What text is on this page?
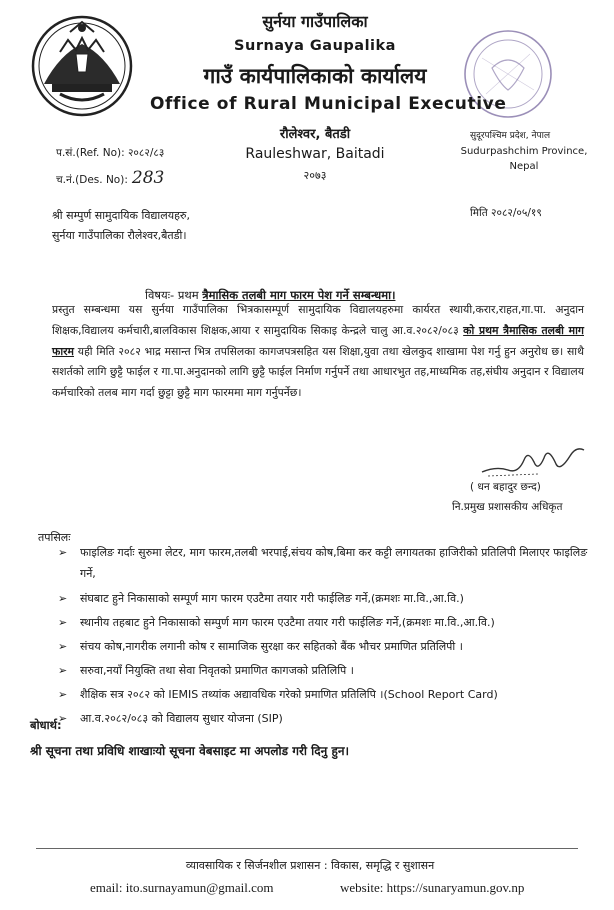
सुर्नया गाउँपालिका
Surnaya Gaupalika
गाउँ कार्यपालिकाको कार्यालय
Office of Rural Municipal Executive
रौलेश्वर, बैतडी
Rauleshwar, Baitadi
२०७३
सुदूरपश्चिम प्रदेश, नेपाल
Sudurpashchim Province,
Nepal
प.सं.(Ref. No): २०८२/८३
च.नं.(Des. No): 283
श्री सम्पुर्ण सामुदायिक विद्यालयहरु,
सुर्नया गाउँपालिका रौलेश्वर,बैतडी।
मिति २०८२/०५/१९
विषयः- प्रथम त्रैमासिक तलबी माग फारम पेश गर्ने सम्बन्धमा।
प्रस्तुत सम्बन्धमा यस सुर्नया गाउँपालिका भित्रकासम्पूर्ण सामुदायिक विद्यालयहरुमा कार्यरत स्थायी,करार,राहत,गा.पा. अनुदान शिक्षक,विद्यालय कर्मचारी,बालविकास शिक्षक,आया र सामुदायिक सिकाइ केन्द्रले चालु आ.व.२०८२/०८३ को प्रथम त्रैमासिक तलबी माग फारम यही मिति २०८२ भाद्र मसान्त भित्र तपसिलका कागजपत्रसहित यस शिक्षा,युवा तथा खेलकुद शाखामा पेश गर्नु हुन अनुरोध छ। साथै सशर्तको लागि छुट्टै फाईल र गा.पा.अनुदानको लागि छुट्टै फाईल निर्माण गर्नुपर्ने तथा आधारभुत तह,माध्यमिक तह,संघीय अनुदान र विद्यालय कर्मचारिको तलब माग गर्दा छुट्टा छुट्टै माग फारममा माग गर्नुपर्नेछ।
( धन बहादुर छन्द)
नि.प्रमुख प्रशासकीय अधिकृत
तपसिलः
➢ फाइलिङ गर्दाः सुरुमा लेटर, माग फारम,तलबी भरपाई,संचय कोष,बिमा कर कट्टी लगायतका हाजिरीको प्रतिलिपी मिलाएर फाइलिङ गर्ने,
➢ संघबाट हुने निकासाको सम्पूर्ण माग फारम एउटैमा तयार गरी फाईलिङ गर्ने,(क्रमशः मा.वि.,आ.वि.)
➢ स्थानीय तहबाट हुने निकासाको सम्पुर्ण माग फारम एउटैमा तयार गरी फाईलिङ गर्ने,(क्रमशः मा.वि.,आ.वि.)
➢ संचय कोष,नागरीक लगानी कोष र सामाजिक सुरक्षा कर सहितको बैंक भौचर प्रमाणित प्रतिलिपी ।
➢ सरुवा,नयाँ नियुक्ति तथा सेवा निवृतको प्रमाणित कागजको प्रतिलिपि ।
➢ शैक्षिक सत्र २०८२ को IEMIS तथ्यांक अद्यावधिक गरेको प्रमाणित प्रतिलिपि ।(School Report Card)
➢ आ.व.२०८२/०८३ को विद्यालय सुधार योजना (SIP)
बोधार्थ:
श्री सूचना तथा प्रविधि शाखाःयो सूचना वेबसाइट मा अपलोड गरी दिनु हुन।
व्यावसायिक र सिर्जनशील प्रशासन : विकास, समृद्धि र सुशासन
email: ito.surnayamun@gmail.com	website: https://sunaryamun.gov.np
